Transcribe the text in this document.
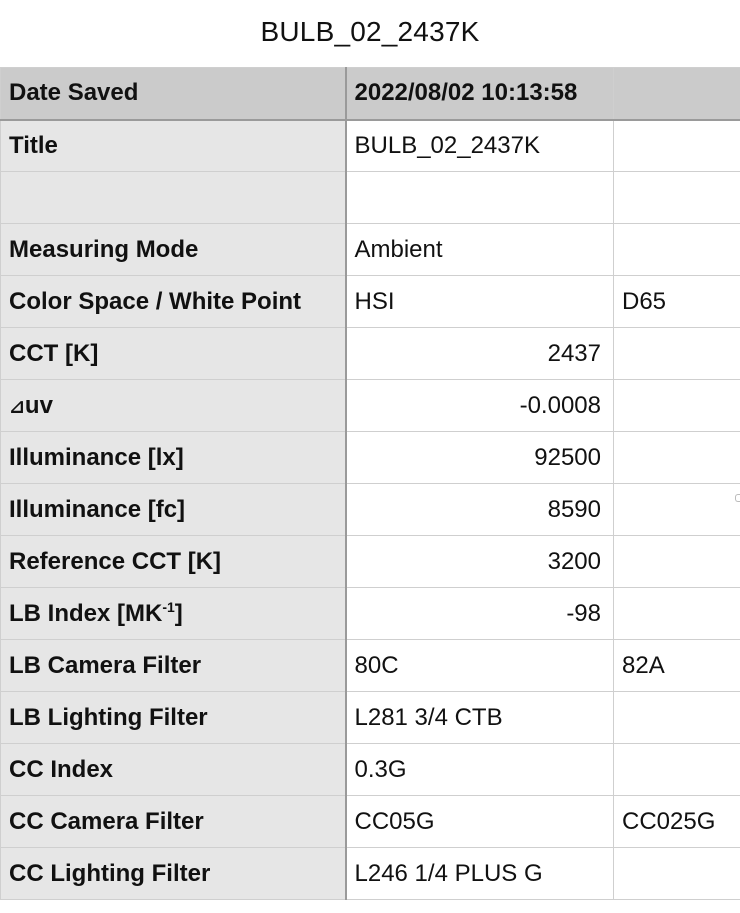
BULB_02_2437K
Date Saved	2022/08/02 10:13:58	
Title	BULB_02_2437K	

Measuring Mode	Ambient	
Color Space / White Point	HSI	D65
CCT [K]	2437	
⊿uv	-0.0008	
Illuminance [lx]	92500	
Illuminance [fc]	8590	
Reference CCT [K]	3200	
LB Index $[MK^{-1}]$	-98	
LB Camera Filter	80C	82A
LB Lighting Filter	L281 3/4 CTB	
CC Index	0.3G	
CC Camera Filter	CC05G	CC025G
CC Lighting Filter	L246 1/4 PLUS G	
